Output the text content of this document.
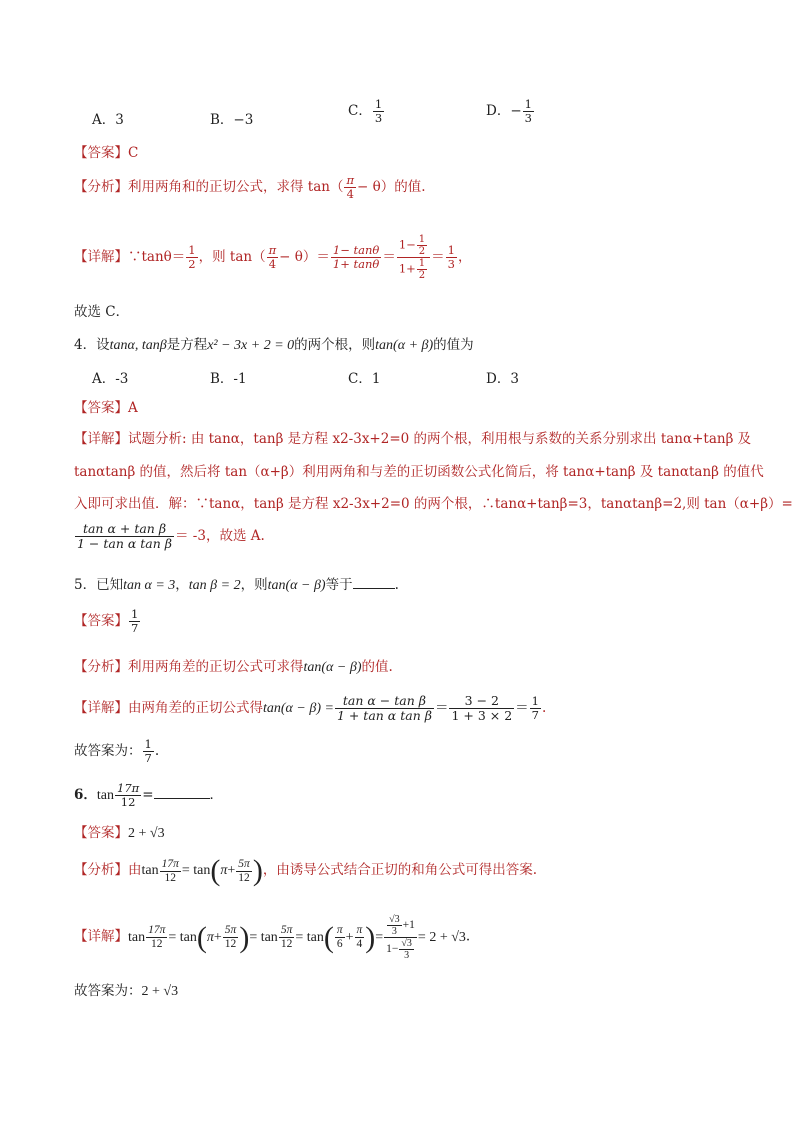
A．3	B．−3
C． $\frac{1}{3}$	D．− $\frac{1}{3}$
【答案】C
【分析】利用两角和的正切公式，求得 $\tan( \frac{\pi}{4} - \theta)$的值.
【详解】∵tanθ＝ $\frac{1}{2}$ ，则 $\tan( \frac{\pi}{4} - \theta)= \frac{1- \tan\theta}{1+ \tan\theta} = \frac{1- \frac{1}{2}}{1+ \frac{1}{2}} = \frac{1}{3}$ ，
故选 C．
4．设tanα, tanβ是方程x² − 3x + 2 = 0的两个根，则tan(α + β)的值为
A．-3	B．-1	C．1	D．3
【答案】A
【详解】试题分析: 由 tanα，tanβ 是方程 x2-3x+2=0 的两个根，利用根与系数的关系分别求出 tanα+tanβ 及
tanαtanβ 的值，然后将 tan（α+β）利用两角和与差的正切函数公式化简后，将 tanα+tanβ 及 tanαtanβ 的值代
入即可求出值．解：∵tanα，tanβ 是方程 x2-3x+2=0 的两个根，∴tanα+tanβ=3，tanαtanβ=2,则 tan（α+β）=
$\frac{\text{tan α + tan β}}{\text{1 − tan α tan β}} = -3$，故选 A.
5．已知tan α = 3，tan β = 2，则tan(α − β)等于	.
【答案】 $\frac{1}{7}$
【分析】利用两角差的正切公式可求得tan(α − β)的值.
【详解】由两角差的正切公式得$\tan(\alpha - \beta) = \frac{\text{tan α − tan β}}{\text{1 + tan α tan β}} = \frac{3 - 2}{1 + 3 \times 2} = \frac{1}{7}$ .
故答案为： $\frac{1}{7}$ .
6．$\tan \frac{17\pi}{12}$ =	．
【答案】2 + √3
【分析】由$\tan \frac{17\pi}{12} = \tan(\pi+ \frac{5\pi}{12}$ )，由诱导公式结合正切的和角公式可得出答案.
【详解】$\tan \frac{17\pi}{12} = \tan(\pi+ \frac{5\pi}{12}$ )= $\tan \frac{5\pi}{12} = \tan( \frac{\pi}{6} + \frac{\pi}{4}$ )= $\frac{\frac{√3}{3} +1}{1- \frac{√3}{3}} = 2 + √3$.
故答案为：2 + √3
